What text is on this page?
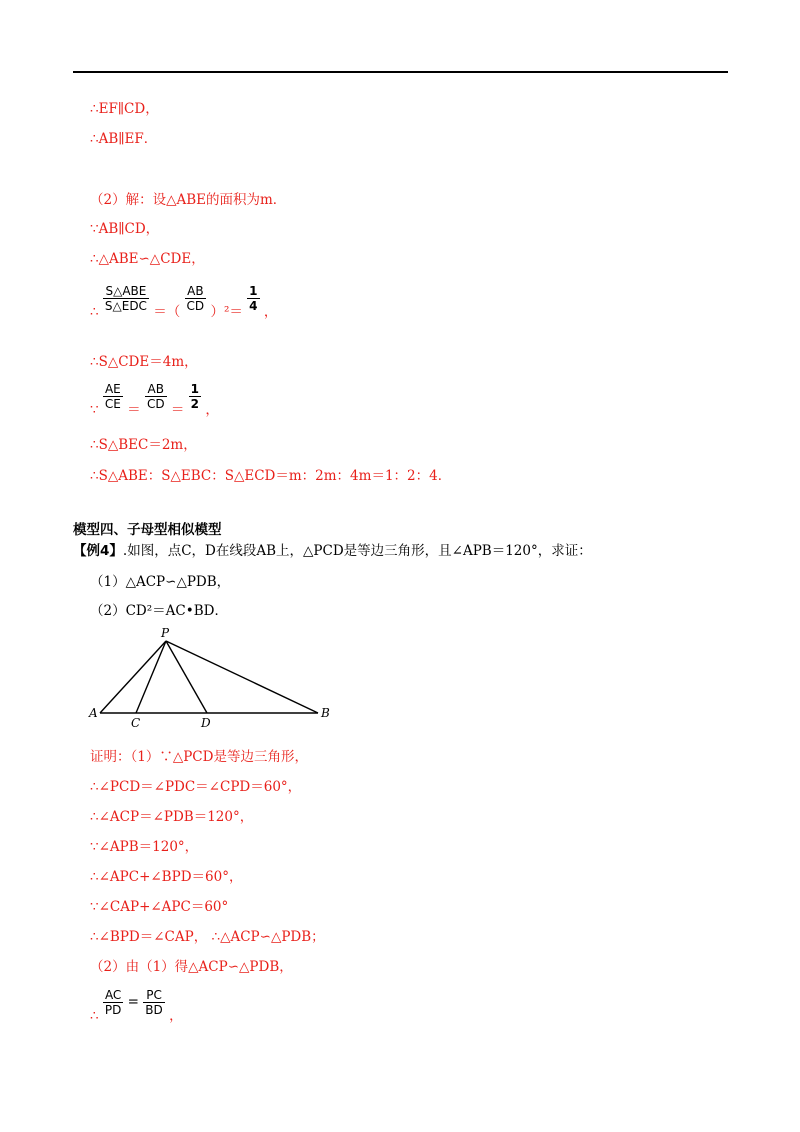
∴EF∥CD，
∴AB∥EF．
（2）解：设△ABE的面积为m．
∵AB∥CD，
∴△ABE∽△CDE，
∴ $\frac{\text{S△ABE}}{\text{S△EDC}}$ ＝（ $\frac{AB}{CD} )^2= \frac{1}{4}$ ，
∴S△CDE＝4m，
∵ $\frac{AE}{CE} = \frac{AB}{CD} = \frac{1}{2}$ ，
∴S△BEC＝2m，
∴S△ABE：S△EBC：S△ECD＝m：2m：4m＝1：2：4．
模型四、子母型相似模型
【例4】.如图，点C，D在线段AB上，△PCD是等边三角形，且∠APB＝120°，求证：
（1）△ACP∽△PDB，
（2）CD²＝AC•BD．
P
A	B
C	D
证明：（1）∵△PCD是等边三角形，
∴∠PCD＝∠PDC＝∠CPD＝60°，
∴∠ACP＝∠PDB＝120°，
∵∠APB＝120°，
∴∠APC+∠BPD＝60°，
∵∠CAP+∠APC＝60°
∴∠BPD＝∠CAP， ∴△ACP∽△PDB；
（2）由（1）得△ACP∽△PDB，
∴ $\frac{AC}{PD} = \frac{PC}{BD}$ ，
